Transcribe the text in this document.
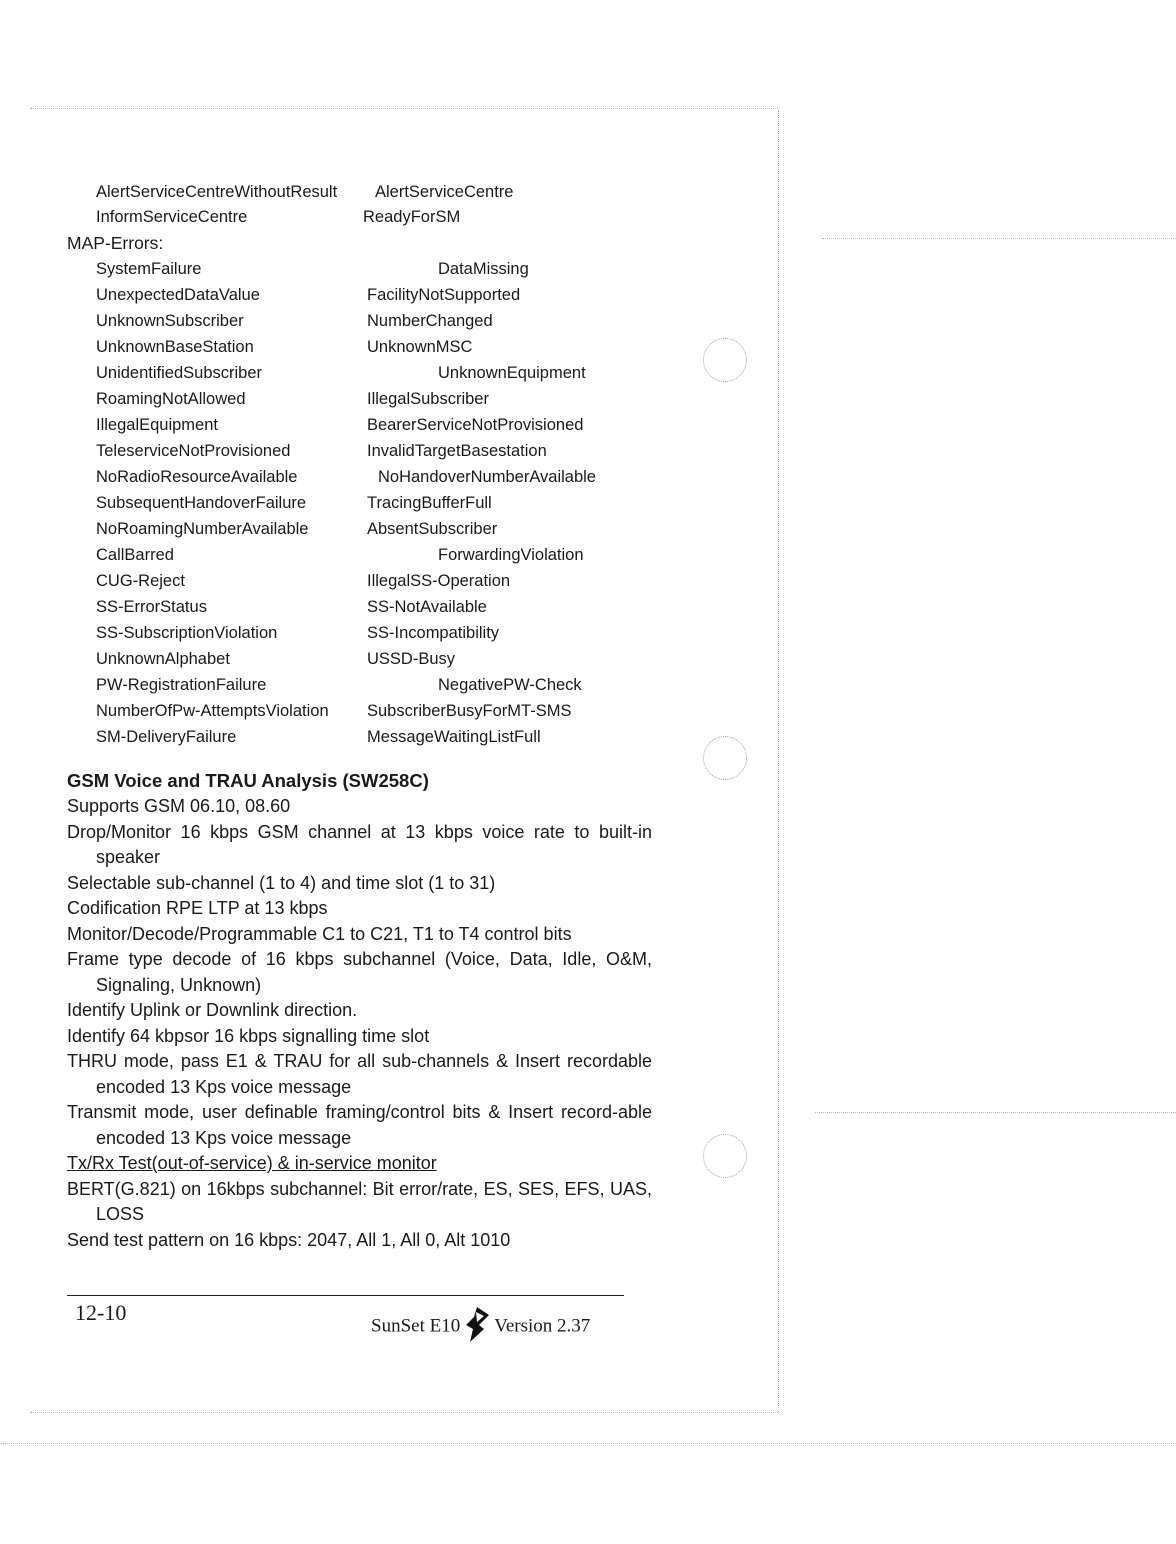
AlertServiceCentreWithoutResult AlertServiceCentre
InformServiceCentre	ReadyForSM
MAP-Errors:
SystemFailure	DataMissing
UnexpectedDataValue	FacilityNotSupported
UnknownSubscriber	NumberChanged
UnknownBaseStation	UnknownMSC
UnidentifiedSubscriber	UnknownEquipment
RoamingNotAllowed	IllegalSubscriber
IllegalEquipment	BearerServiceNotProvisioned
TeleserviceNotProvisioned	InvalidTargetBasestation
NoRadioResourceAvailable	NoHandoverNumberAvailable
SubsequentHandoverFailure	TracingBufferFull
NoRoamingNumberAvailable	AbsentSubscriber
CallBarred	ForwardingViolation
CUG-Reject	IllegalSS-Operation
SS-ErrorStatus	SS-NotAvailable
SS-SubscriptionViolation	SS-Incompatibility
UnknownAlphabet	USSD-Busy
PW-RegistrationFailure	NegativePW-Check
NumberOfPw-AttemptsViolation SubscriberBusyForMT-SMS
SM-DeliveryFailure	MessageWaitingListFull
GSM Voice and TRAU Analysis (SW258C)
Supports GSM 06.10, 08.60
Drop/Monitor 16 kbps GSM channel at 13 kbps voice rate to built-in speaker
Selectable sub-channel (1 to 4) and time slot (1 to 31)
Codification RPE LTP at 13 kbps
Monitor/Decode/Programmable C1 to C21, T1 to T4 control bits
Frame type decode of 16 kbps subchannel (Voice, Data, Idle, O&M, Signaling, Unknown)
Identify Uplink or Downlink direction.
Identify 64 kbpsor 16 kbps signalling time slot
THRU mode, pass E1 & TRAU for all sub-channels & Insert recordable encoded 13 Kps voice message
Transmit mode, user definable framing/control bits & Insert record-able encoded 13 Kps voice message
Tx/Rx Test(out-of-service) & in-service monitor
BERT(G.821) on 16kbps subchannel: Bit error/rate, ES, SES, EFS, UAS, LOSS
Send test pattern on 16 kbps: 2047, All 1, All 0, Alt 1010
12-10
SunSet E10 Version 2.37
